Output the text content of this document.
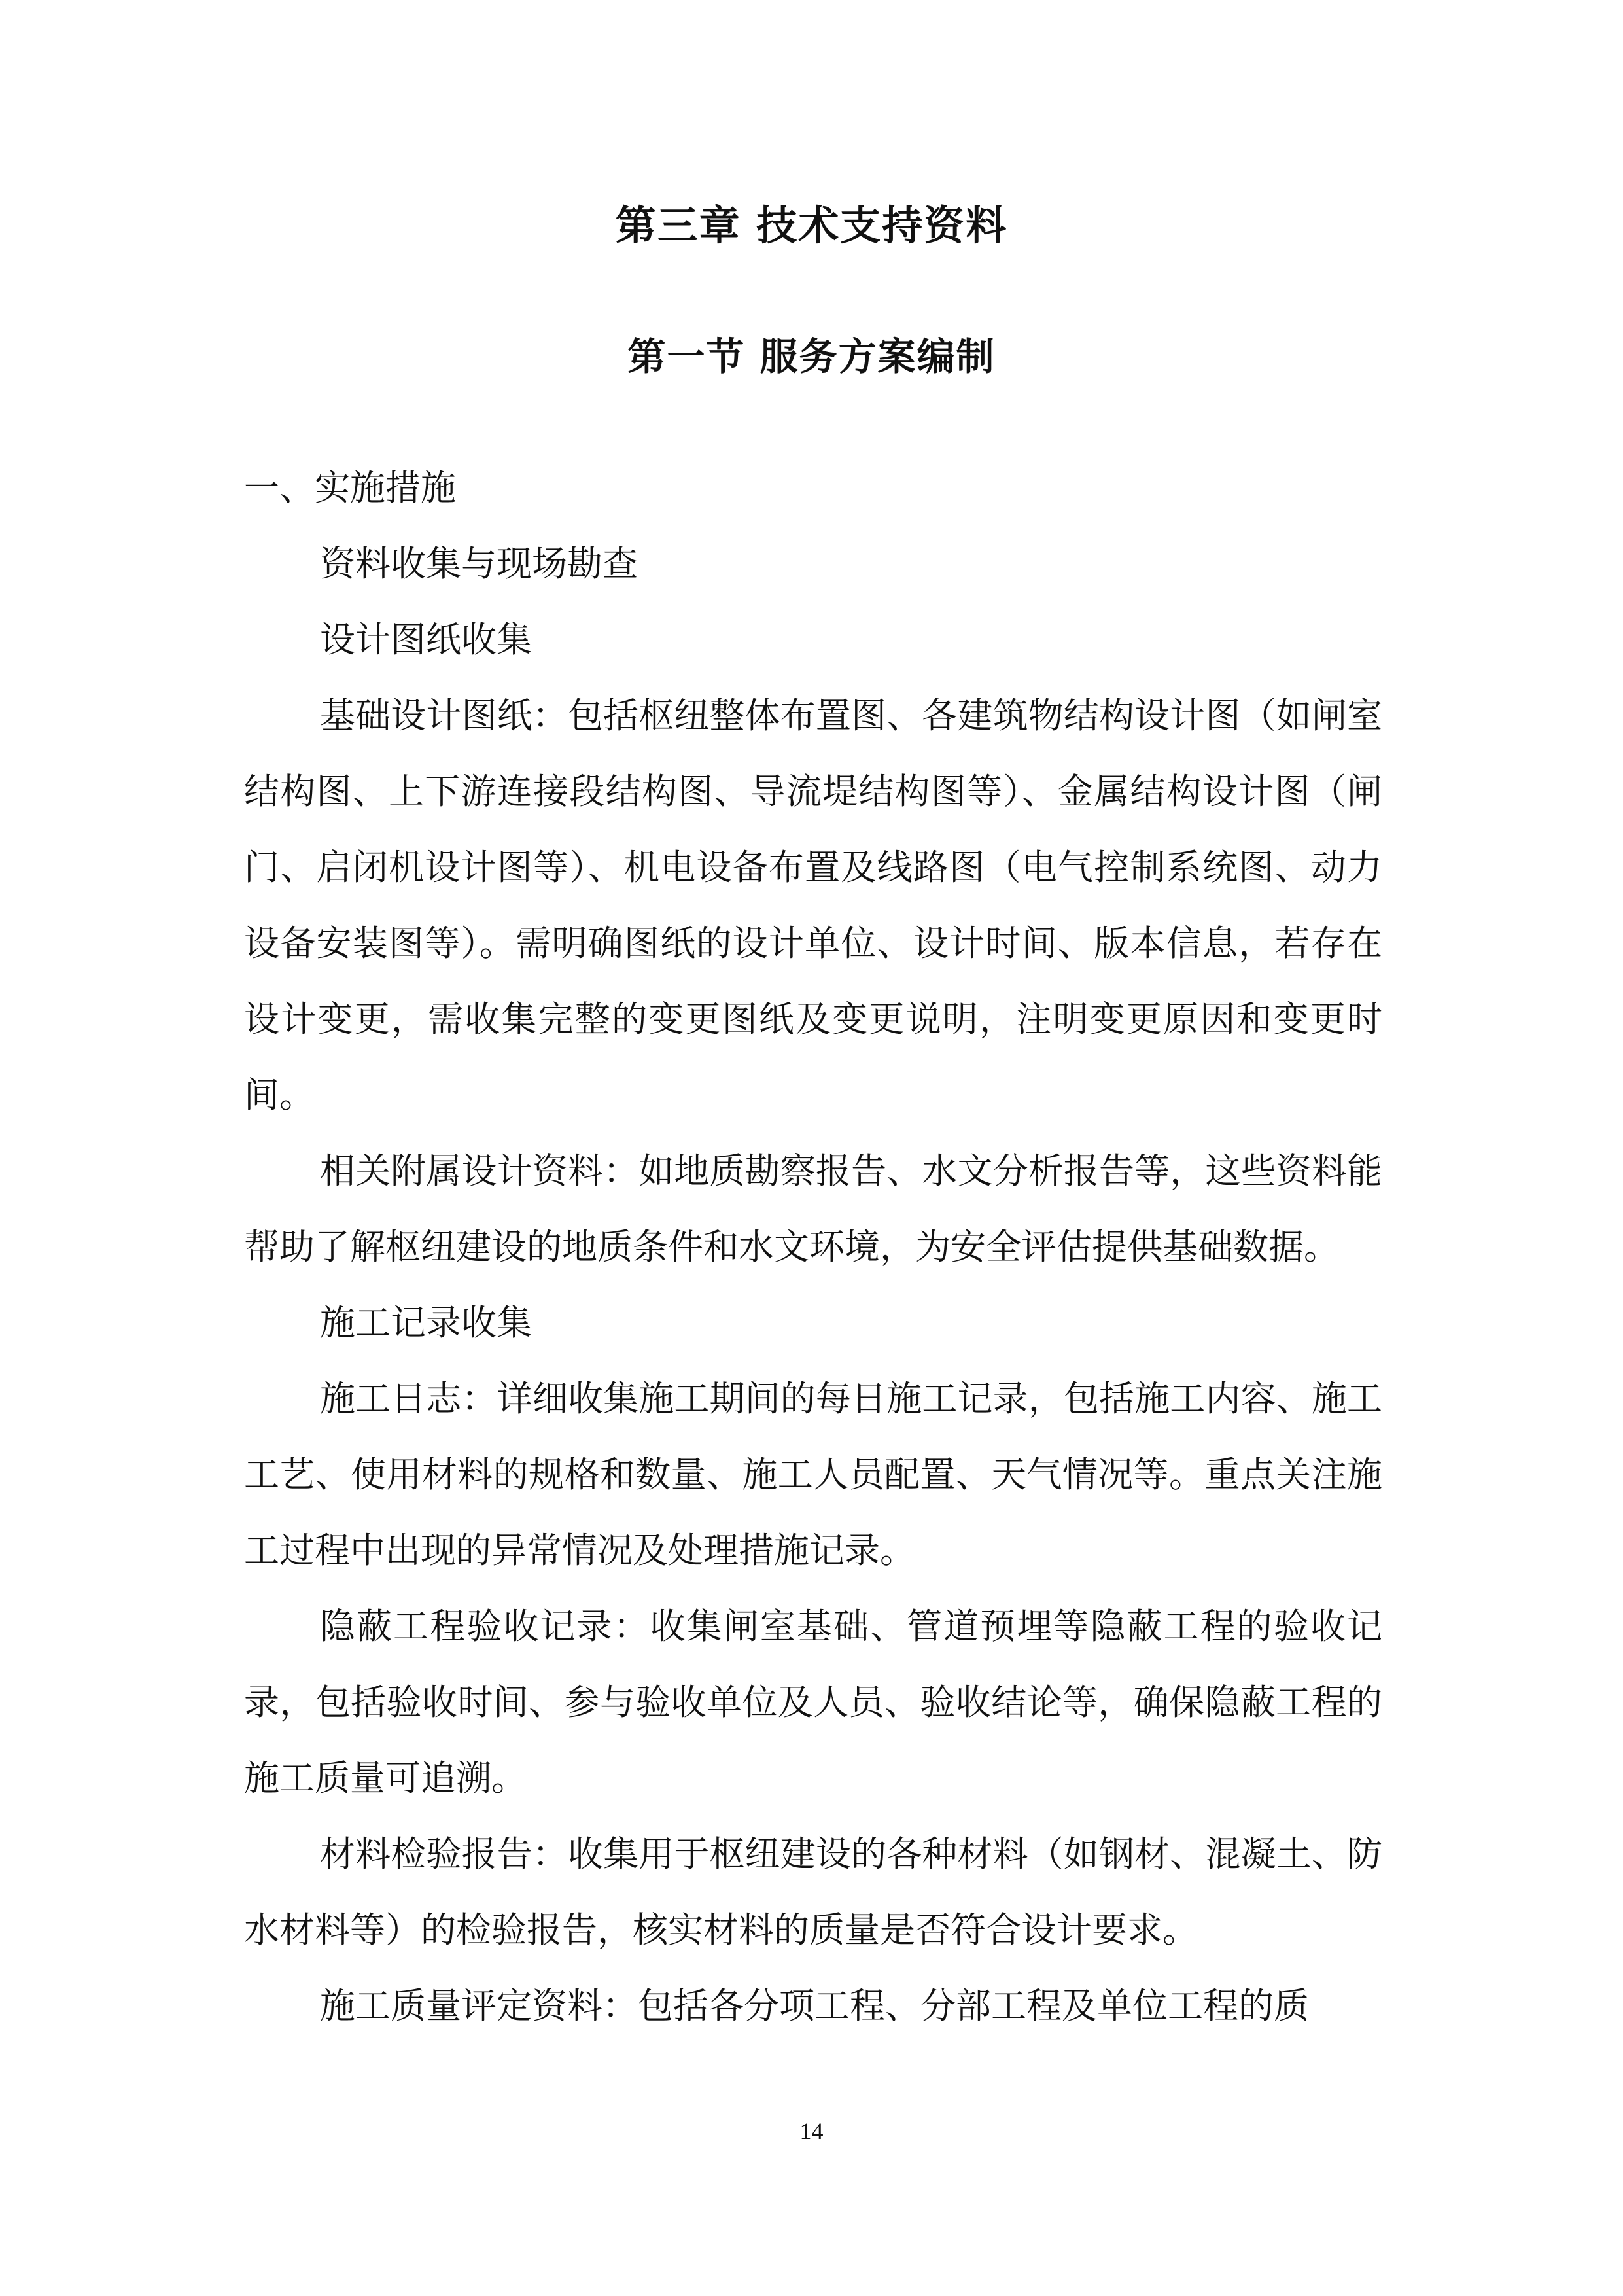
第三章 技术支持资料
第一节 服务方案编制
一、实施措施

资料收集与现场勘查

设计图纸收集

基础设计图纸：包括枢纽整体布置图、各建筑物结构设计图（如闸室结构图、上下游连接段结构图、导流堤结构图等）、金属结构设计图（闸门、启闭机设计图等）、机电设备布置及线路图（电气控制系统图、动力设备安装图等）。需明确图纸的设计单位、设计时间、版本信息，若存在设计变更，需收集完整的变更图纸及变更说明，注明变更原因和变更时间。

相关附属设计资料：如地质勘察报告、水文分析报告等，这些资料能帮助了解枢纽建设的地质条件和水文环境，为安全评估提供基础数据。

施工记录收集

施工日志：详细收集施工期间的每日施工记录，包括施工内容、施工工艺、使用材料的规格和数量、施工人员配置、天气情况等。重点关注施工过程中出现的异常情况及处理措施记录。

隐蔽工程验收记录：收集闸室基础、管道预埋等隐蔽工程的验收记录，包括验收时间、参与验收单位及人员、验收结论等，确保隐蔽工程的施工质量可追溯。

材料检验报告：收集用于枢纽建设的各种材料（如钢材、混凝土、防水材料等）的检验报告，核实材料的质量是否符合设计要求。

施工质量评定资料：包括各分项工程、分部工程及单位工程的质

14
